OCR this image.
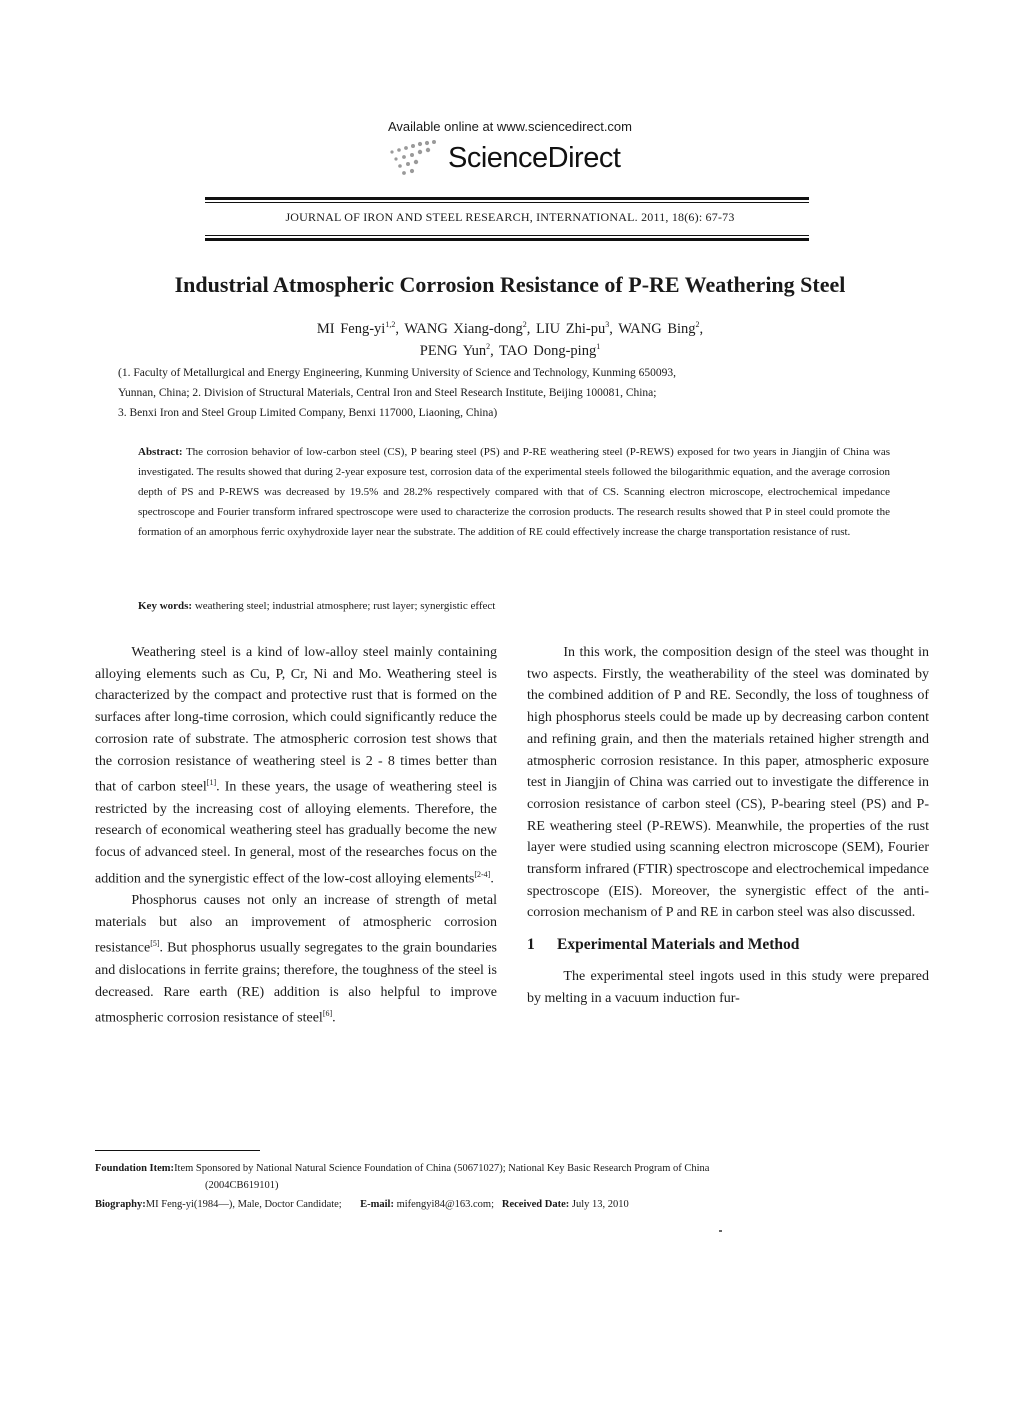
Available online at www.sciencedirect.com
ScienceDirect
JOURNAL OF IRON AND STEEL RESEARCH, INTERNATIONAL. 2011, 18(6): 67-73
Industrial Atmospheric Corrosion Resistance of P-RE Weathering Steel
MI Feng-yi$^{1,2}$, WANG Xiang-dong$^2$, LIU Zhi-$pu^3$, WANG Bing$^2$,
PENG Yun$^2$, TAO Dong-ping$^1$
(1. Faculty of Metallurgical and Energy Engineering, Kunming University of Science and Technology, Kunming 650093,
Yunnan, China; 2. Division of Structural Materials, Central Iron and Steel Research Institute, Beijing 100081, China;
3. Benxi Iron and Steel Group Limited Company, Benxi 117000, Liaoning, China)
Abstract: The corrosion behavior of low-carbon steel (CS), P bearing steel (PS) and P-RE weathering steel (P-REWS) exposed for two years in Jiangjin of China was investigated. The results showed that during 2-year exposure test, corrosion data of the experimental steels followed the bilogarithmic equation, and the average corrosion depth of PS and P-REWS was decreased by 19.5% and 28.2% respectively compared with that of CS. Scanning electron microscope, electrochemical impedance spectroscope and Fourier transform infrared spectroscope were used to characterize the corrosion products. The research results showed that P in steel could promote the formation of an amorphous ferric oxyhydroxide layer near the substrate. The addition of RE could effectively increase the charge transportation resistance of rust.
Key words: weathering steel; industrial atmosphere; rust layer; synergistic effect

Weathering steel is a kind of low-alloy steel mainly containing alloying elements such as Cu, P, Cr, Ni and Mo. Weathering steel is characterized by the compact and protective rust that is formed on the surfaces after long-time corrosion, which could significantly reduce the corrosion rate of substrate. The atmospheric corrosion test shows that the corrosion resistance of weathering steel is 2 - 8 times better than that of carbon steel[1]. In these years, the usage of weathering steel is restricted by the increasing cost of alloying elements. Therefore, the research of economical weathering steel has gradually become the new focus of advanced steel. In general, most of the researches focus on the addition and the synergistic effect of the low-cost alloying elements[2-4].

Phosphorus causes not only an increase of strength of metal materials but also an improvement of atmospheric corrosion resistance[5]. But phosphorus usually segregates to the grain boundaries and dislocations in ferrite grains; therefore, the toughness of the steel is decreased. Rare earth (RE) addition is also helpful to improve atmospheric corrosion resistance of steel[6].

In this work, the composition design of the steel was thought in two aspects. Firstly, the weatherability of the steel was dominated by the combined addition of P and RE. Secondly, the loss of toughness of high phosphorus steels could be made up by decreasing carbon content and refining grain, and then the materials retained higher strength and atmospheric corrosion resistance. In this paper, atmospheric exposure test in Jiangjin of China was carried out to investigate the difference in corrosion resistance of carbon steel (CS), P-bearing steel (PS) and P-RE weathering steel (P-REWS). Meanwhile, the properties of the rust layer were studied using scanning electron microscope (SEM), Fourier transform infrared (FTIR) spectroscope and electrochemical impedance spectroscope (EIS). Moreover, the synergistic effect of the anti-corrosion mechanism of P and RE in carbon steel was also discussed.

1 Experimental Materials and Method

The experimental steel ingots used in this study were prepared by melting in a vacuum induction fur-

Foundation Item:Item Sponsored by National Natural Science Foundation of China (50671027); National Key Basic Research Program of China
(2004CB619101)
Biography:MI Feng-yi(1984—), Male, Doctor Candidate; E-mail: mifengyi84@163.com; Received Date: July 13, 2010
